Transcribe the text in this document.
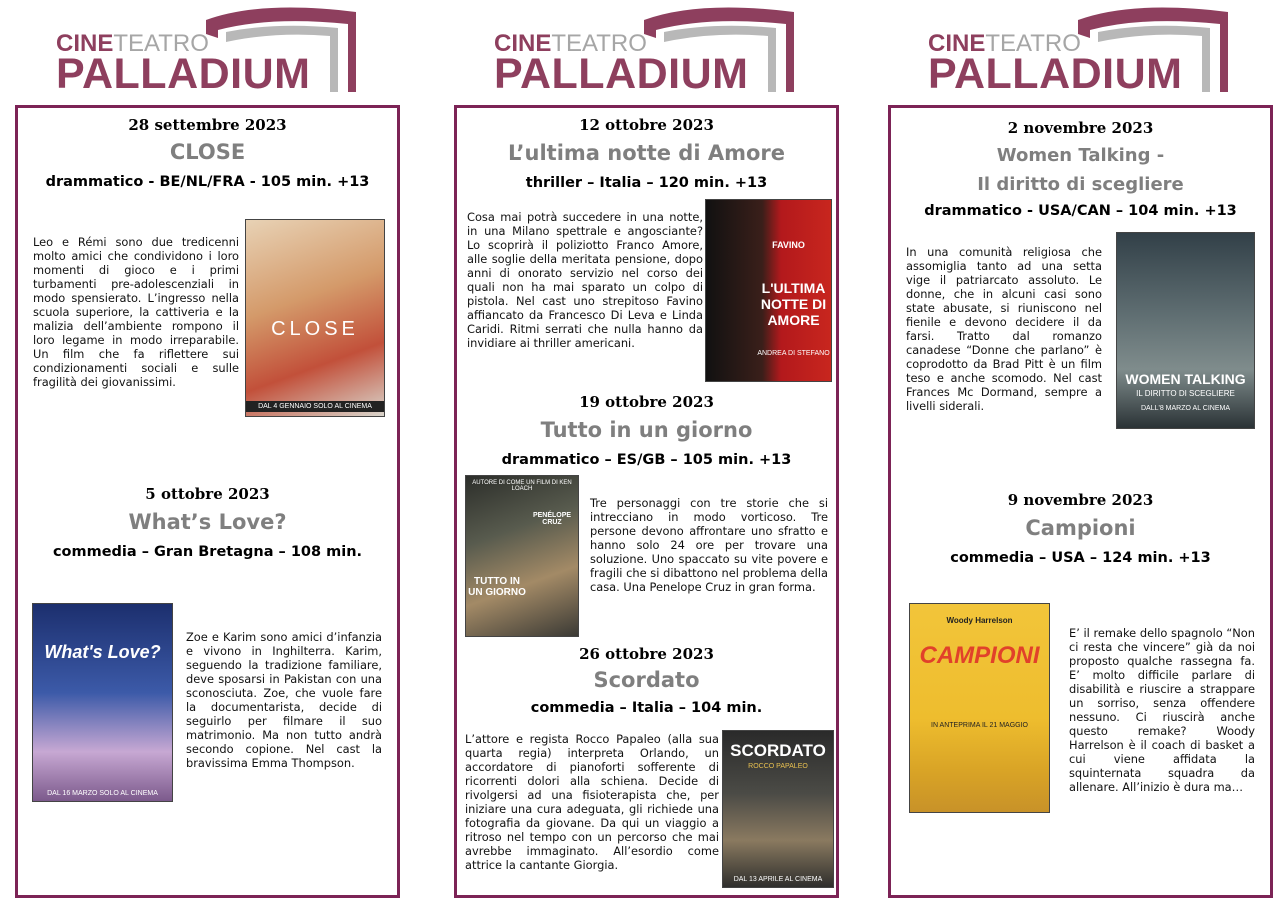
CINETEATRO
PALLADIUM
CINETEATRO
PALLADIUM
CINETEATRO
PALLADIUM
28 settembre 2023
CLOSE
drammatico - BE/NL/FRA - 105 min. +13
Leo e Rémi sono due tredicenni molto amici che condividono i loro momenti di gioco e i primi turbamenti pre-adolescenziali in modo spensierato. L’ingresso nella scuola superiore, la cattiveria e la malizia dell’ambiente rompono il loro legame in modo irreparabile. Un film che fa riflettere sui condizionamenti sociali e sulle fragilità dei giovanissimi.
CLOSE
DAL 4 GENNAIO SOLO AL CINEMA
5 ottobre 2023
What’s Love?
commedia – Gran Bretagna – 108 min.
What's Love?
DAL 16 MARZO SOLO AL CINEMA
Zoe e Karim sono amici d’infanzia e vivono in Inghilterra. Karim, seguendo la tradizione familiare, deve sposarsi in Pakistan con una sconosciuta. Zoe, che vuole fare la documentarista, decide di seguirlo per filmare il suo matrimonio. Ma non tutto andrà secondo copione. Nel cast la bravissima Emma Thompson.
12 ottobre 2023
L’ultima notte di Amore
thriller – Italia – 120 min. +13
Cosa mai potrà succedere in una notte, in una Milano spettrale e angosciante? Lo scoprirà il poliziotto Franco Amore, alle soglie della meritata pensione, dopo anni di onorato servizio nel corso dei quali non ha mai sparato un colpo di pistola. Nel cast uno strepitoso Favino affiancato da Francesco Di Leva e Linda Caridi. Ritmi serrati che nulla hanno da invidiare ai thriller americani.
FAVINO
L'ULTIMA NOTTE DI AMORE
ANDREA DI STEFANO
19 ottobre 2023
Tutto in un giorno
drammatico – ES/GB – 105 min. +13
AUTORE DI COME UN FILM DI KEN LOACH
PENÉLOPE CRUZ
TUTTO IN UN GIORNO
Tre personaggi con tre storie che si intrecciano in modo vorticoso. Tre persone devono affrontare uno sfratto e hanno solo 24 ore per trovare una soluzione. Uno spaccato su vite povere e fragili che si dibattono nel problema della casa. Una Penelope Cruz in gran forma.
26 ottobre 2023
Scordato
commedia – Italia – 104 min.
L’attore e regista Rocco Papaleo (alla sua quarta regia) interpreta Orlando, un accordatore di pianoforti sofferente di ricorrenti dolori alla schiena. Decide di rivolgersi ad una fisioterapista che, per iniziare una cura adeguata, gli richiede una fotografia da giovane. Da qui un viaggio a ritroso nel tempo con un percorso che mai avrebbe immaginato. All’esordio come attrice la cantante Giorgia.
SCORDATO
ROCCO PAPALEO
DAL 13 APRILE AL CINEMA
2 novembre 2023
Women Talking -
Il diritto di scegliere
drammatico - USA/CAN – 104 min. +13
In una comunità religiosa che assomiglia tanto ad una setta vige il patriarcato assoluto. Le donne, che in alcuni casi sono state abusate, si riuniscono nel fienile e devono decidere il da farsi. Tratto dal romanzo canadese “Donne che parlano” è coprodotto da Brad Pitt è un film teso e anche scomodo. Nel cast Frances Mc Dormand, sempre a livelli siderali.
WOMEN TALKING
IL DIRITTO DI SCEGLIERE
DALL'8 MARZO AL CINEMA
9 novembre 2023
Campioni
commedia – USA – 124 min. +13
Woody Harrelson
CAMPIONI
IN ANTEPRIMA IL 21 MAGGIO
E’ il remake dello spagnolo “Non ci resta che vincere” già da noi proposto qualche rassegna fa. E’ molto difficile parlare di disabilità e riuscire a strappare un sorriso, senza offendere nessuno. Ci riuscirà anche questo remake? Woody Harrelson è il coach di basket a cui viene affidata la squinternata squadra da allenare. All’inizio è dura ma…
